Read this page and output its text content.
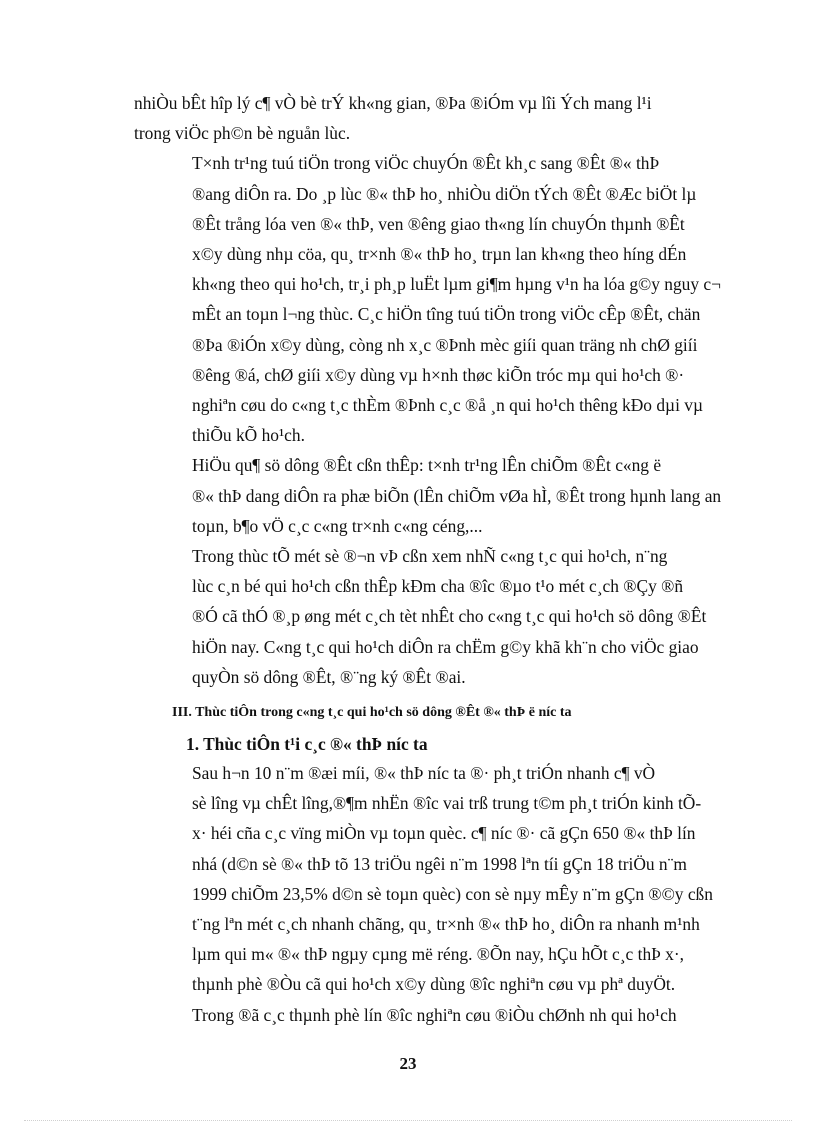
nhiÒu bÊt hîp lý c¶ vÒ bè trÝ kh«ng gian, ®Þa ®iÓm vµ lîi Ých mang l¹i
trong viÖc ph©n bè nguån lùc.

T×nh tr¹ng tuú tiÖn trong viÖc chuyÓn ®Êt kh¸c sang ®Êt ®« thÞ
®ang diÔn ra. Do ¸p lùc ®« thÞ ho¸ nhiÒu diÖn tÝch ®Êt ®Æc biÖt lµ
®Êt trång lóa ven ®« thÞ, ven ®êng giao th«ng lín chuyÓn thµnh ®Êt
x©y dùng nhµ cöa, qu¸ tr×nh ®« thÞ ho¸ trµn lan kh«ng theo híng dÉn
kh«ng theo qui ho¹ch, tr¸i ph¸p luËt lµm gi¶m hµng v¹n ha lóa g©y nguy c¬
mÊt an toµn l¬ng thùc. C¸c hiÖn tîng tuú tiÖn trong viÖc cÊp ®Êt, chän
®Þa ®iÓn x©y dùng, còng nh x¸c ®Þnh mèc giíi quan träng nh chØ giíi
®êng ®á, chØ giíi x©y dùng vµ h×nh thøc kiÕn tróc mµ qui ho¹ch ®·
nghiªn cøu do c«ng t¸c thÈm ®Þnh c¸c ®å ¸n qui ho¹ch thêng kÐo dµi vµ
thiÕu kÕ ho¹ch.

HiÖu qu¶ sö dông ®Êt cßn thÊp: t×nh tr¹ng lÊn chiÕm ®Êt c«ng ë
®« thÞ dang diÔn ra phæ biÕn (lÊn chiÕm vØa hÌ, ®Êt trong hµnh lang an
toµn, b¶o vÖ c¸c c«ng tr×nh c«ng céng,...

Trong thùc tÕ mét sè ®¬n vÞ cßn xem nhÑ c«ng t¸c qui ho¹ch, n¨ng
lùc c¸n bé qui ho¹ch cßn thÊp kÐm cha ®îc ®µo t¹o mét c¸ch ®Çy ®ñ
®Ó cã thÓ ®¸p øng mét c¸ch tèt nhÊt cho c«ng t¸c qui ho¹ch sö dông ®Êt
hiÖn nay. C«ng t¸c qui ho¹ch diÔn ra chËm g©y khã kh¨n cho viÖc giao
quyÒn sö dông ®Êt, ®¨ng ký ®Êt ®ai.

III. Thùc tiÔn trong c«ng t¸c qui ho¹ch sö dông ®Êt ®« thÞ ë níc ta

1. Thùc tiÔn t¹i c¸c ®« thÞ níc ta

Sau h¬n 10 n¨m ®æi míi, ®« thÞ níc ta ®· ph¸t triÓn nhanh c¶ vÒ
sè lîng vµ chÊt lîng,®¶m nhËn ®îc vai trß trung t©m ph¸t triÓn kinh tÕ-
x· héi cña c¸c vïng miÒn vµ toµn quèc. c¶ níc ®· cã gÇn 650 ®« thÞ lín
nhá (d©n sè ®« thÞ tõ 13 triÖu ngêi n¨m 1998 lªn tíi gÇn 18 triÖu n¨m
1999 chiÕm 23,5% d©n sè toµn quèc) con sè nµy mÊy n¨m gÇn ®©y cßn
t¨ng lªn mét c¸ch nhanh chãng, qu¸ tr×nh ®« thÞ ho¸ diÔn ra nhanh m¹nh
lµm qui m« ®« thÞ ngµy cµng më réng. ®Õn nay, hÇu hÕt c¸c thÞ x·,
thµnh phè ®Òu cã qui ho¹ch x©y dùng ®îc nghiªn cøu vµ phª duyÖt.
Trong ®ã c¸c thµnh phè lín ®îc nghiªn cøu ®iÒu chØnh nh qui ho¹ch

23
